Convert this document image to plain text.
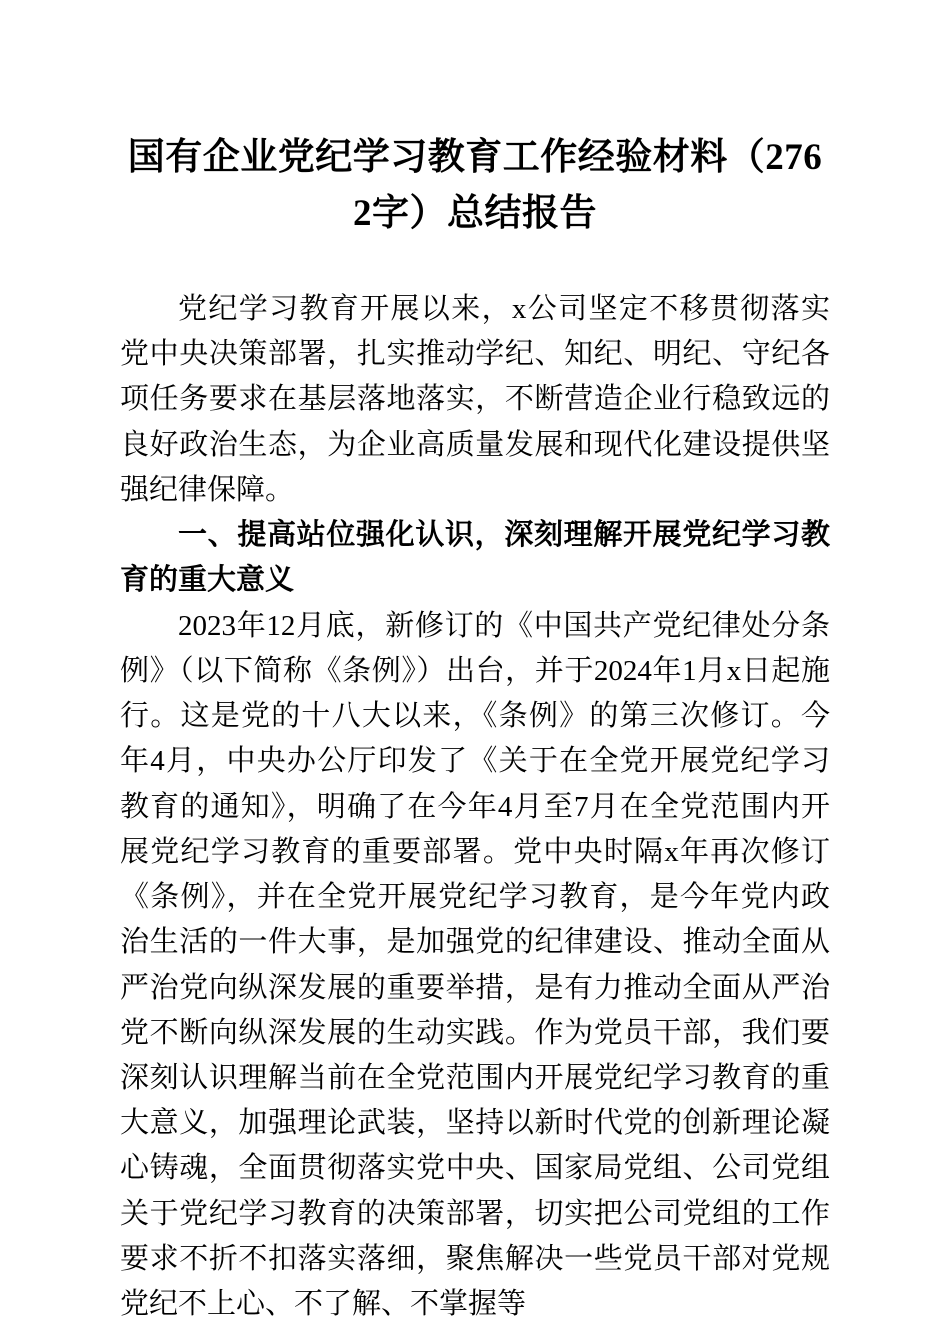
国有企业党纪学习教育工作经验材料（2762字）总结报告

党纪学习教育开展以来，x公司坚定不移贯彻落实党中央决策部署，扎实推动学纪、知纪、明纪、守纪各项任务要求在基层落地落实，不断营造企业行稳致远的良好政治生态，为企业高质量发展和现代化建设提供坚强纪律保障。

一、提高站位强化认识，深刻理解开展党纪学习教育的重大意义

2023年12月底，新修订的《中国共产党纪律处分条例》（以下简称《条例》）出台，并于2024年1月x日起施行。这是党的十八大以来，《条例》的第三次修订。今年4月，中央办公厅印发了《关于在全党开展党纪学习教育的通知》，明确了在今年4月至7月在全党范围内开展党纪学习教育的重要部署。党中央时隔x年再次修订《条例》，并在全党开展党纪学习教育，是今年党内政治生活的一件大事，是加强党的纪律建设、推动全面从严治党向纵深发展的重要举措，是有力推动全面从严治党不断向纵深发展的生动实践。作为党员干部，我们要深刻认识理解当前在全党范围内开展党纪学习教育的重大意义，加强理论武装，坚持以新时代党的创新理论凝心铸魂，全面贯彻落实党中央、国家局党组、公司党组关于党纪学习教育的决策部署，切实把公司党组的工作要求不折不扣落实落细，聚焦解决一些党员干部对党规党纪不上心、不了解、不掌握等
